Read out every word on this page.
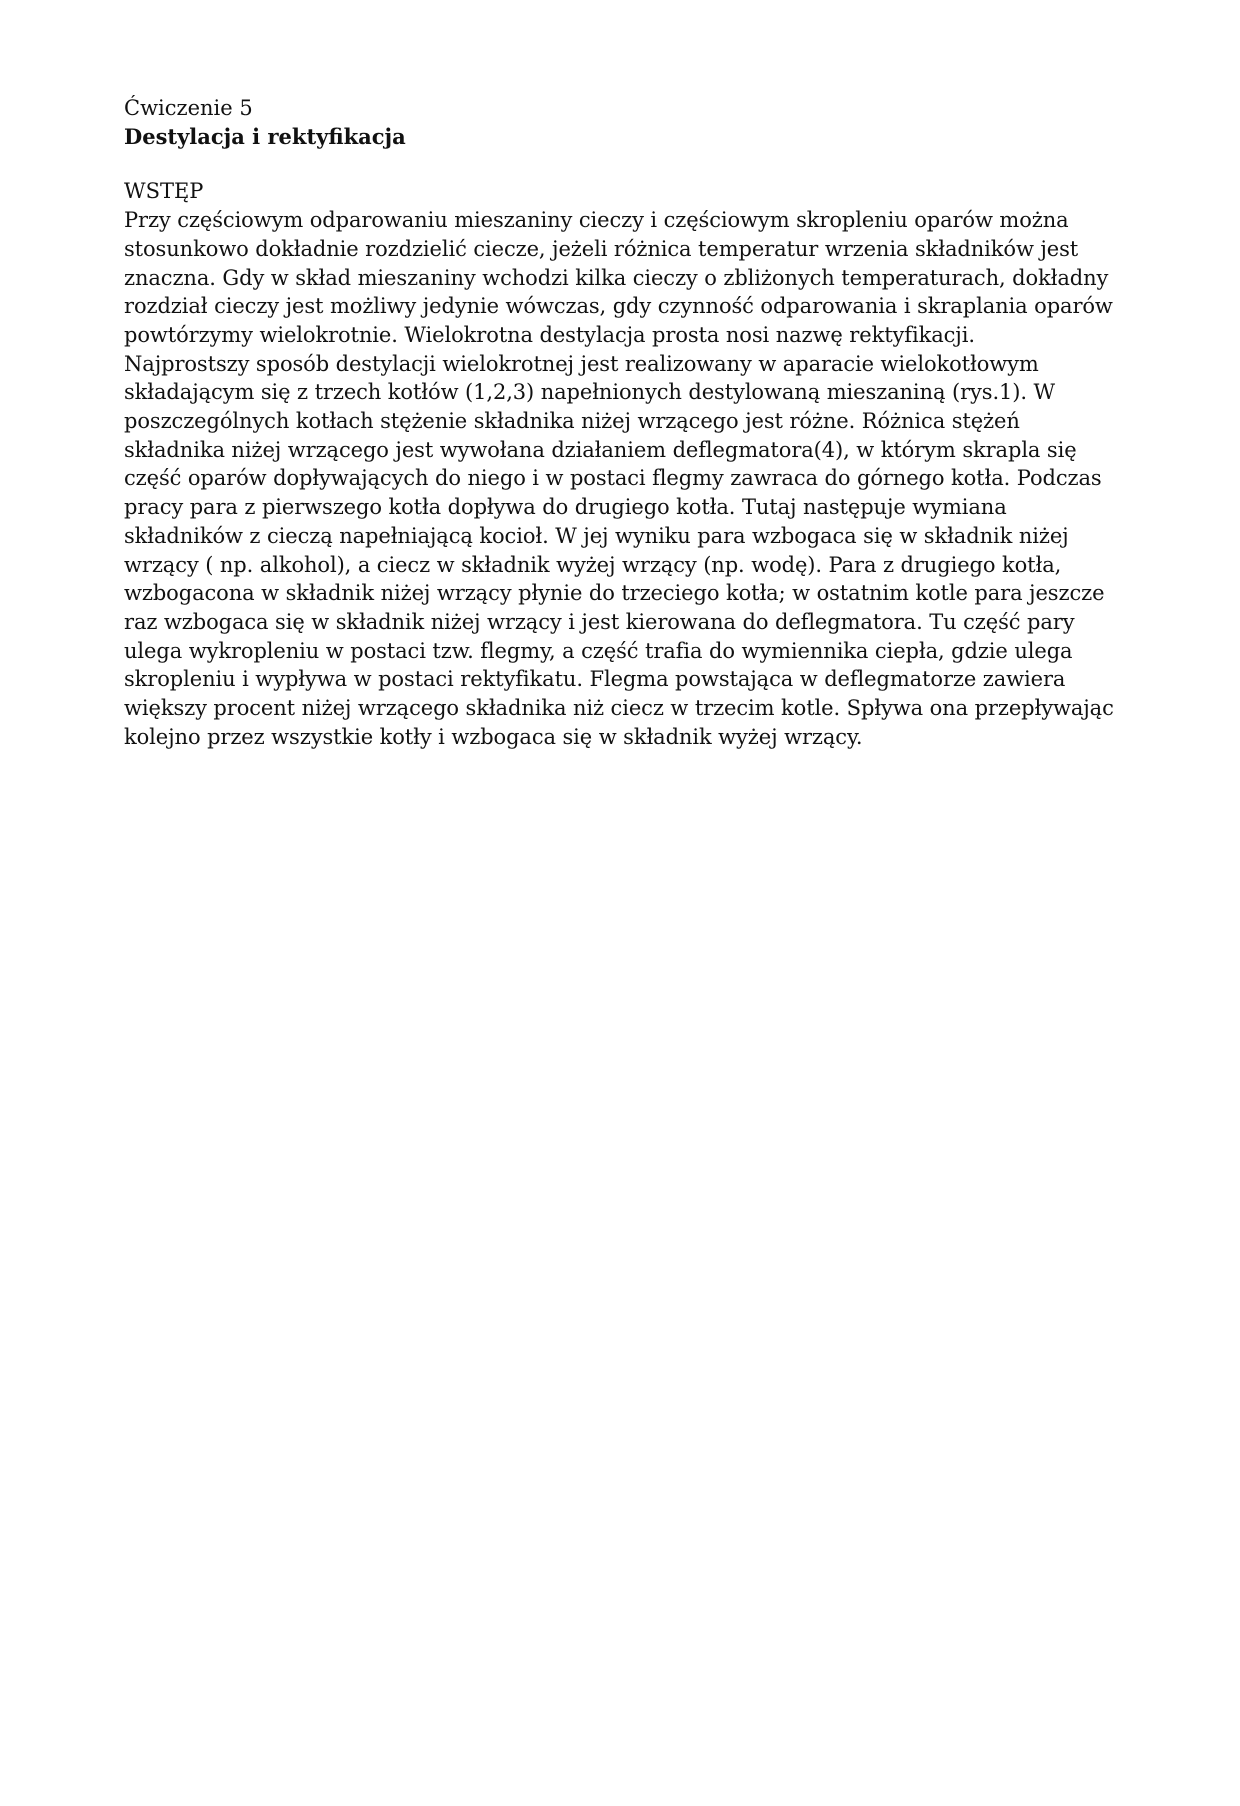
Ćwiczenie 5

Destylacja i rektyfikacja

WSTĘP

Przy częściowym odparowaniu mieszaniny cieczy i częściowym skropleniu oparów można stosunkowo dokładnie rozdzielić ciecze, jeżeli różnica temperatur wrzenia składników jest znaczna. Gdy w skład mieszaniny wchodzi kilka cieczy o zbliżonych temperaturach, dokładny rozdział cieczy jest możliwy jedynie wówczas, gdy czynność odparowania i skraplania oparów powtórzymy wielokrotnie. Wielokrotna destylacja prosta nosi nazwę rektyfikacji.

Najprostszy sposób destylacji wielokrotnej jest realizowany w aparacie wielokotłowym składającym się z trzech kotłów (1,2,3) napełnionych destylowaną mieszaniną (rys.1). W poszczególnych kotłach stężenie składnika niżej wrzącego jest różne. Różnica stężeń składnika niżej wrzącego jest wywołana działaniem deflegmatora(4), w którym skrapla się część oparów dopływających do niego i w postaci flegmy zawraca do górnego kotła. Podczas pracy para z pierwszego kotła dopływa do drugiego kotła. Tutaj następuje wymiana składników z cieczą napełniającą kocioł. W jej wyniku para wzbogaca się w składnik niżej wrzący ( np. alkohol), a ciecz w składnik wyżej wrzący (np. wodę). Para z drugiego kotła, wzbogacona w składnik niżej wrzący płynie do trzeciego kotła; w ostatnim kotle para jeszcze raz wzbogaca się w składnik niżej wrzący i jest kierowana do deflegmatora. Tu część pary ulega wykropleniu w postaci tzw. flegmy, a część trafia do wymiennika ciepła, gdzie ulega skropleniu i wypływa w postaci rektyfikatu. Flegma powstająca w deflegmatorze zawiera większy procent niżej wrzącego składnika niż ciecz w trzecim kotle. Spływa ona przepływając kolejno przez wszystkie kotły i wzbogaca się w składnik wyżej wrzący.
